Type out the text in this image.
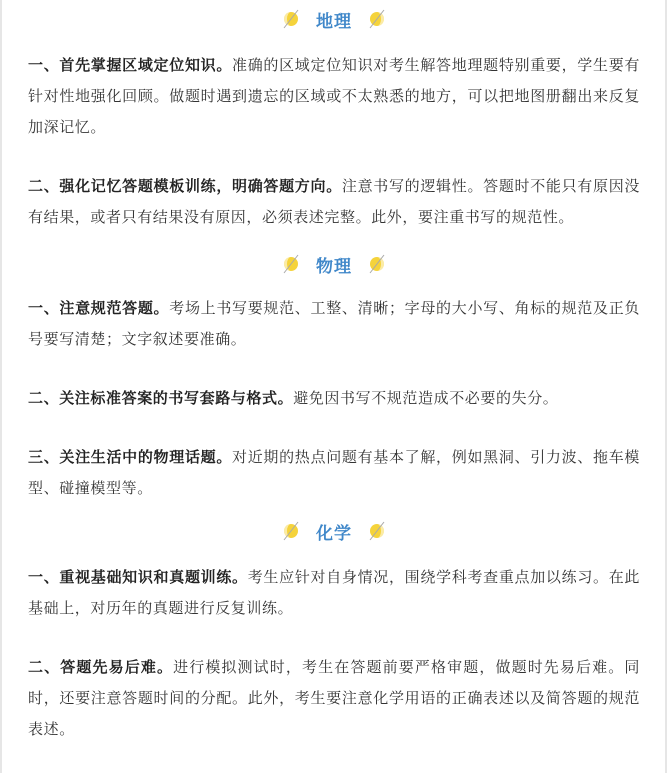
地理

一、首先掌握区域定位知识。准确的区域定位知识对考生解答地理题特别重要，学生要有针对性地强化回顾。做题时遇到遗忘的区域或不太熟悉的地方，可以把地图册翻出来反复加深记忆。

二、强化记忆答题模板训练，明确答题方向。注意书写的逻辑性。答题时不能只有原因没有结果，或者只有结果没有原因，必须表述完整。此外，要注重书写的规范性。

物理

一、注意规范答题。考场上书写要规范、工整、清晰；字母的大小写、角标的规范及正负号要写清楚；文字叙述要准确。

二、关注标准答案的书写套路与格式。避免因书写不规范造成不必要的失分。

三、关注生活中的物理话题。对近期的热点问题有基本了解，例如黑洞、引力波、拖车模型、碰撞模型等。

化学

一、重视基础知识和真题训练。考生应针对自身情况，围绕学科考查重点加以练习。在此基础上，对历年的真题进行反复训练。

二、答题先易后难。进行模拟测试时，考生在答题前要严格审题，做题时先易后难。同时，还要注意答题时间的分配。此外，考生要注意化学用语的正确表述以及简答题的规范表述。
